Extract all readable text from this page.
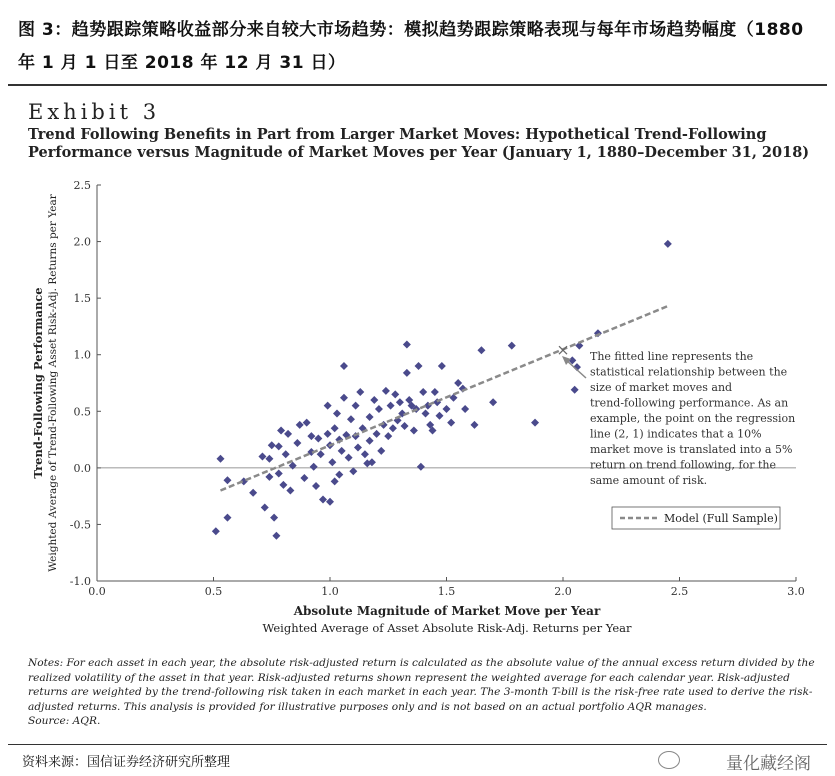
图 3：趋势跟踪策略收益部分来自较大市场趋势：模拟趋势跟踪策略表现与每年市场趋势幅度（1880 年 1 月 1 日至 2018 年 12 月 31 日）
Exhibit 3
Trend Following Benefits in Part from Larger Market Moves: Hypothetical Trend-Following Performance versus Magnitude of Market Moves per Year (January 1, 1880–December 31, 2018)
0.0	0.5	1.0	1.5	2.0	2.5	3.0
2.5
2.0
1.5
1.0
0.5
0.0
-0.5
-1.0
Absolute Magnitude of Market Move per Year
Weighted Average of Asset Absolute Risk-Adj. Returns per Year
Trend-Following Performance Weighted Average of Trend-Following Asset Risk-Adj. Returns per Year	Model (Full Sample)
The fitted line represents the
statistical relationship between the
size of market moves and
trend-following performance. As an
example, the point on the regression
line (2, 1) indicates that a 10%
market move is translated into a 5%
return on trend following, for the
same amount of risk.
Notes: For each asset in each year, the absolute risk-adjusted return is calculated as the absolute value of the annual excess return divided by the realized volatility of the asset in that year. Risk-adjusted returns shown represent the weighted average for each calendar year. Risk-adjusted returns are weighted by the trend-following risk taken in each market in each year. The 3-month T-bill is the risk-free rate used to derive the risk-adjusted returns. This analysis is provided for illustrative purposes only and is not based on an actual portfolio AQR manages.
Source: AQR.
资料来源：国信证券经济研究所整理	量化藏经阁
